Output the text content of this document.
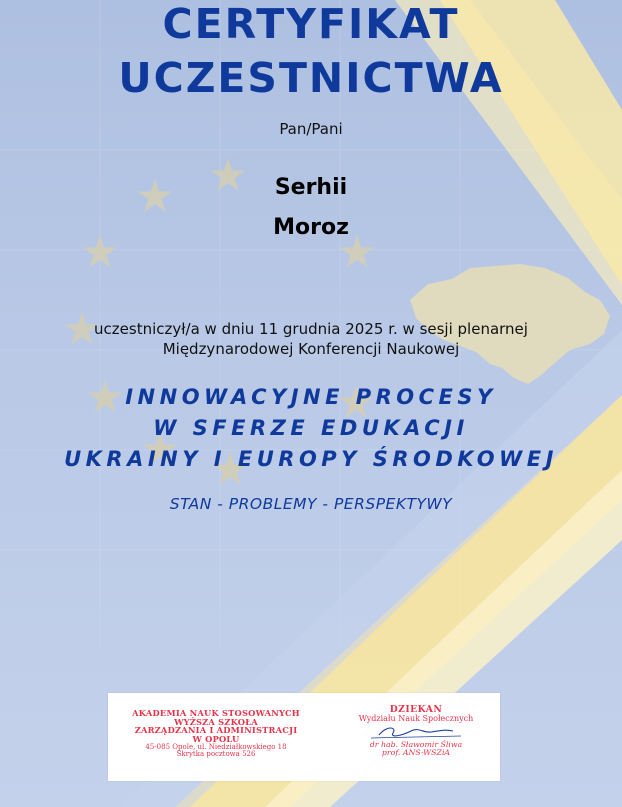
CERTYFIKAT
UCZESTNICTWA
Pan/Pani
Serhii
Moroz
uczestniczył/a w dniu 11 grudnia 2025 r. w sesji plenarnej
Międzynarodowej Konferencji Naukowej
INNOWACYJNE PROCESY
W SFERZE EDUKACJI
UKRAINY I EUROPY ŚRODKOWEJ
STAN - PROBLEMY - PERSPEKTYWY
AKADEMIA NAUK STOSOWANYCH
WYŻSZA SZKOŁA
ZARZĄDZANIA I ADMINISTRACJI
W OPOLU
45-085 Opole, ul. Niedziałkowskiego 18
Skrytka pocztowa 526
DZIEKAN
Wydziału Nauk Społecznych
dr hab. Sławomir Śliwa
prof. ANS-WSZiA
